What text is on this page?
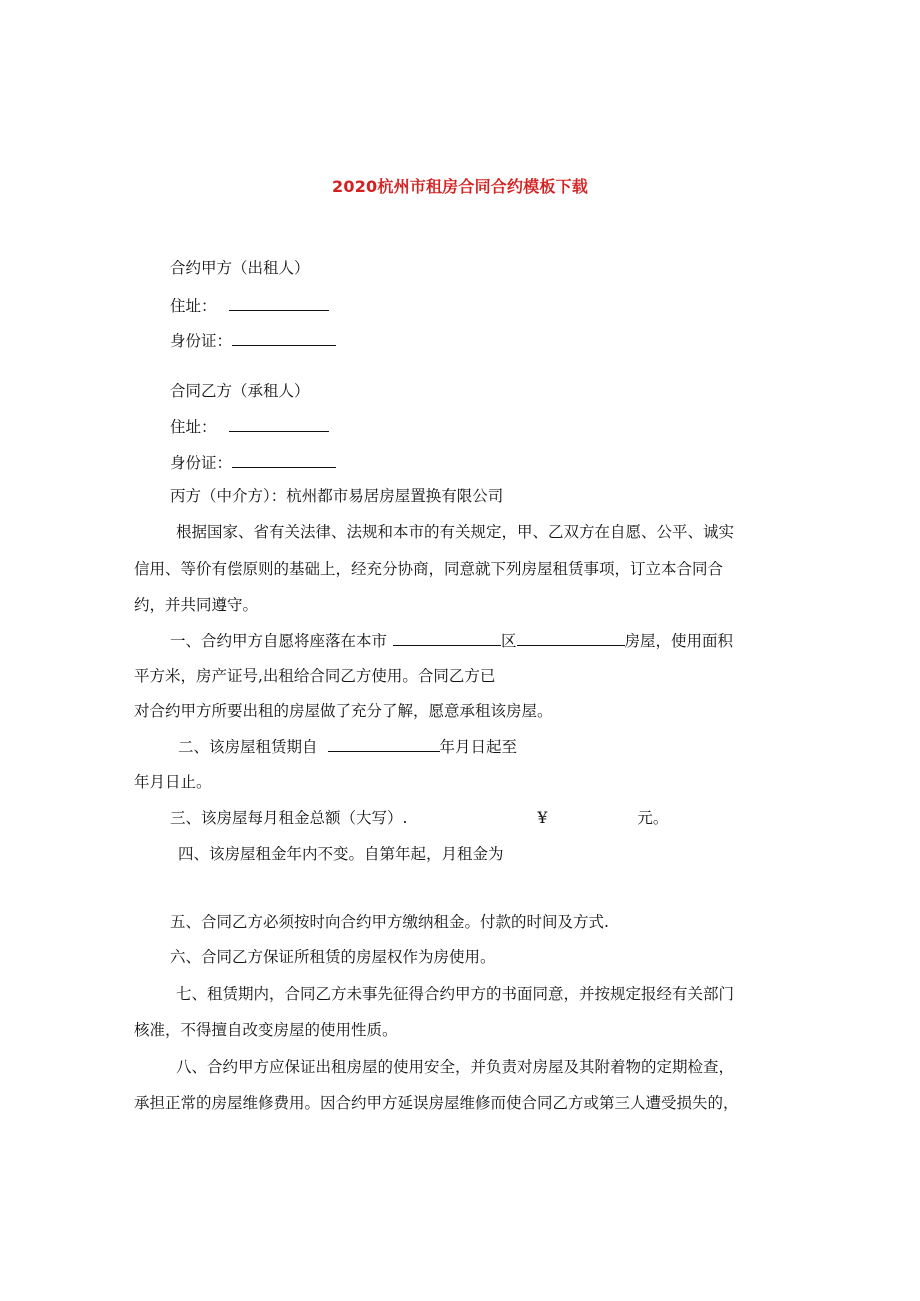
2020杭州市租房合同合约模板下载
合约甲方（出租人）
住址：
身份证：
合同乙方（承租人）
住址：
身份证：
丙方（中介方）：杭州都市易居房屋置换有限公司
根据国家、省有关法律、法规和本市的有关规定，甲、乙双方在自愿、公平、诚实
信用、等价有偿原则的基础上，经充分协商，同意就下列房屋租赁事项，订立本合同合
约，并共同遵守。
一、合约甲方自愿将座落在本市	区	房屋，使用面积
平方米，房产证号,出租给合同乙方使用。合同乙方已
对合约甲方所要出租的房屋做了充分了解，愿意承租该房屋。
二、该房屋租赁期自	年月日起至
年月日止。
三、该房屋每月租金总额（大写）.	¥	元。
四、该房屋租金年内不变。自第年起，月租金为
五、合同乙方必须按时向合约甲方缴纳租金。付款的时间及方式.
六、合同乙方保证所租赁的房屋权作为房使用。
七、租赁期内，合同乙方未事先征得合约甲方的书面同意，并按规定报经有关部门
核准，不得擅自改变房屋的使用性质。
八、合约甲方应保证出租房屋的使用安全，并负责对房屋及其附着物的定期检查，
承担正常的房屋维修费用。因合约甲方延误房屋维修而使合同乙方或第三人遭受损失的，
